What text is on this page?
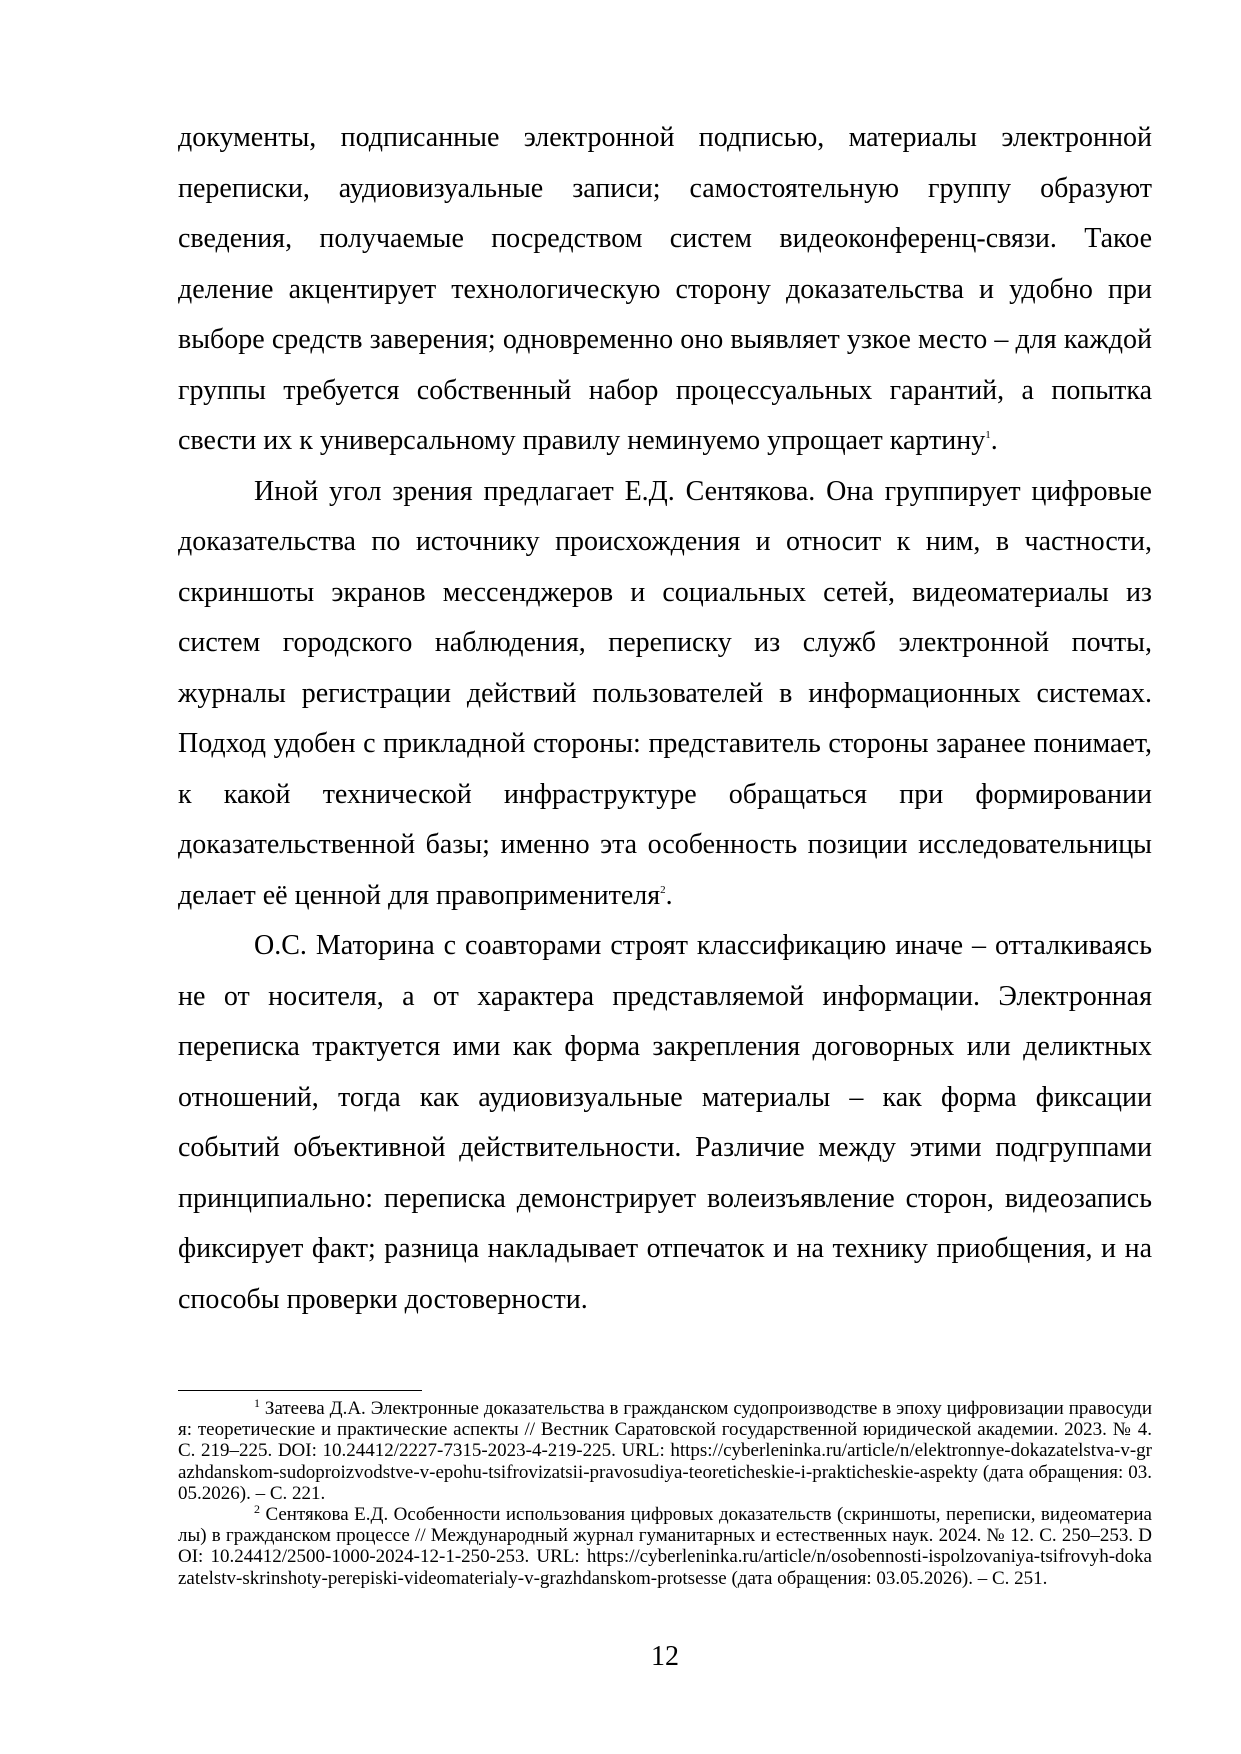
документы, подписанные электронной подписью, материалы электронной переписки, аудиовизуальные записи; самостоятельную группу образуют сведения, получаемые посредством систем видеоконференц-связи. Такое деление акцентирует технологическую сторону доказательства и удобно при выборе средств заверения; одновременно оно выявляет узкое место – для каждой группы требуется собственный набор процессуальных гарантий, а попытка свести их к универсальному правилу неминуемо упрощает картину$^1$.

Иной угол зрения предлагает Е.Д. Сентякова. Она группирует цифровые доказательства по источнику происхождения и относит к ним, в частности, скриншоты экранов мессенджеров и социальных сетей, видеоматериалы из систем городского наблюдения, переписку из служб электронной почты, журналы регистрации действий пользователей в информационных системах. Подход удобен с прикладной стороны: представитель стороны заранее понимает, к какой технической инфраструктуре обращаться при формировании доказательственной базы; именно эта особенность позиции исследовательницы делает её ценной для правоприменителя$^2$.

О.С. Маторина с соавторами строят классификацию иначе – отталкиваясь не от носителя, а от характера представляемой информации. Электронная переписка трактуется ими как форма закрепления договорных или деликтных отношений, тогда как аудиовизуальные материалы – как форма фиксации событий объективной действительности. Различие между этими подгруппами принципиально: переписка демонстрирует волеизъявление сторон, видеозапись фиксирует факт; разница накладывает отпечаток и на технику приобщения, и на способы проверки достоверности.

$^1$ Затеева Д.А. Электронные доказательства в гражданском судопроизводстве в эпоху цифровизации правосудия: теоретические и практические аспекты // Вестник Саратовской государственной юридической академии. 2023. № 4. С. 219–225. DOI: 10.24412/2227-7315-2023-4-219-225. URL: https://cyberleninka.ru/article/n/elektronnye-dokazatelstva-v-grazhdanskom-sudoproizvodstve-v-epohu-tsifrovizatsii-pravosudiya-teoreticheskie-i-prakticheskie-aspekty (дата обращения: 03.05.2026). – С. 221.

$^2$ Сентякова Е.Д. Особенности использования цифровых доказательств (скриншоты, переписки, видеоматериалы) в гражданском процессе // Международный журнал гуманитарных и естественных наук. 2024. № 12. С. 250–253. DOI: 10.24412/2500-1000-2024-12-1-250-253. URL: https://cyberleninka.ru/article/n/osobennosti-ispolzovaniya-tsifrovyh-dokazatelstv-skrinshoty-perepiski-videomaterialy-v-grazhdanskom-protsesse (дата обращения: 03.05.2026). – С. 251.

12
